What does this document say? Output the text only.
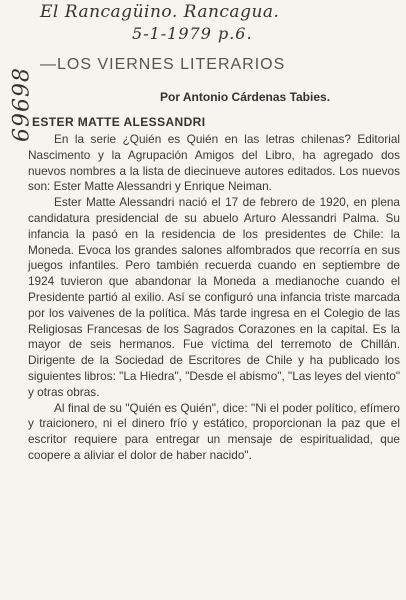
El Rancagüino. Rancagua.
5-1-1979 p.6.
69698
—LOS VIERNES LITERARIOS
Por Antonio Cárdenas Tabies.
ESTER MATTE ALESSANDRI

En la serie ¿Quién es Quién en las letras chilenas? Editorial Nascimento y la Agrupación Amigos del Libro, ha agregado dos nuevos nombres a la lista de diecinueve autores editados. Los nuevos son: Ester Matte Alessandri y Enrique Neiman.

Ester Matte Alessandri nació el 17 de febrero de 1920, en plena candidatura presidencial de su abuelo Arturo Alessandri Palma. Su infancia la pasó en la residencia de los presidentes de Chile: la Moneda. Evoca los grandes salones alfombrados que recorría en sus juegos infantiles. Pero también recuerda cuando en septiembre de 1924 tuvieron que abandonar la Moneda a medianoche cuando el Presidente partió al exilio. Así se configuró una infancia triste marcada por los vaivenes de la política. Más tarde ingresa en el Colegio de las Religiosas Francesas de los Sagrados Corazones en la capital. Es la mayor de seis hermanos. Fue víctima del terremoto de Chillán. Dirigente de la Sociedad de Escritores de Chile y ha publicado los siguientes libros: "La Hiedra", "Desde el abismo", "Las leyes del viento" y otras obras.

Al final de su "Quién es Quién", dice: "Ni el poder político, efímero y traicionero, ni el dinero frío y estático, proporcionan la paz que el escritor requiere para entregar un mensaje de espiritualidad, que coopere a aliviar el dolor de haber nacido".
